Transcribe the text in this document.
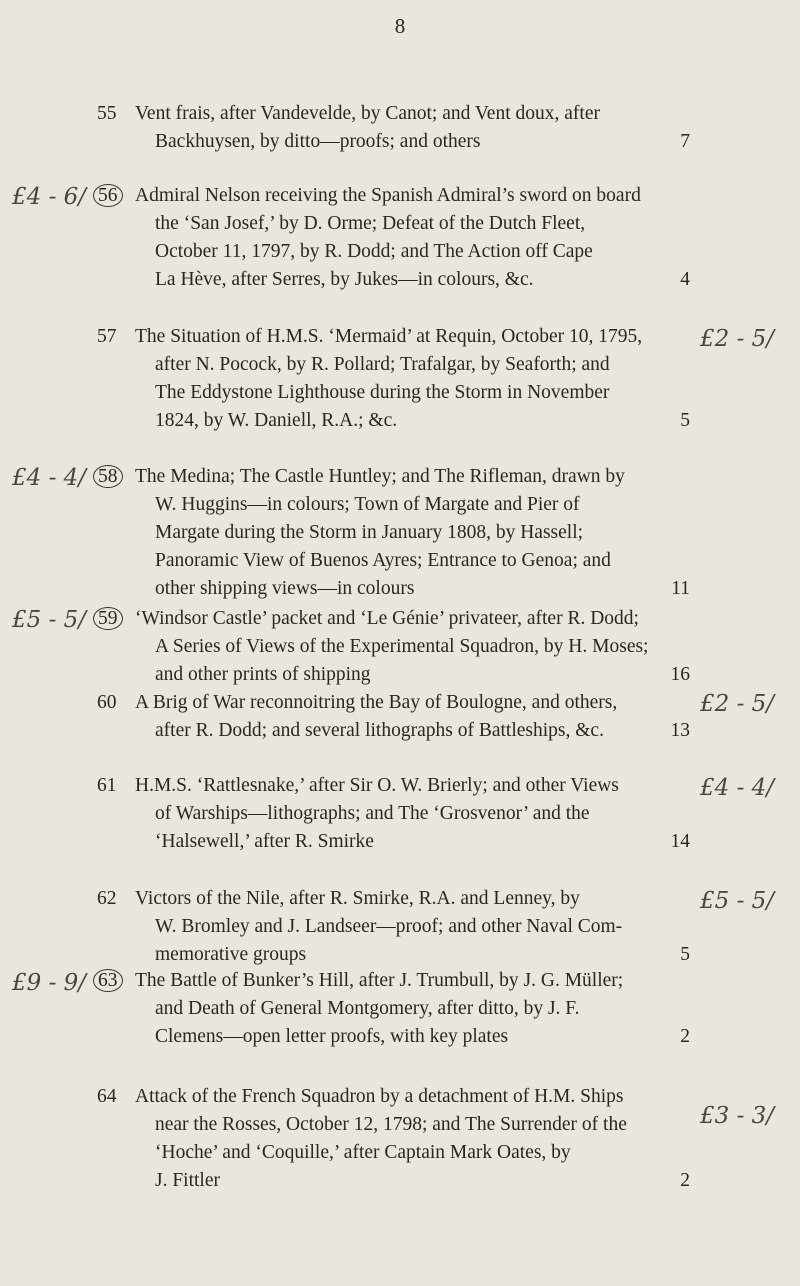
8
55 Vent frais, after Vandevelde, by Canot; and Vent doux, after
Backhuysen, by ditto—proofs; and others	7
56 Admiral Nelson receiving the Spanish Admiral’s sword on board
the ‘San Josef,’ by D. Orme; Defeat of the Dutch Fleet,
October 11, 1797, by R. Dodd; and The Action off Cape
La Hève, after Serres, by Jukes—in colours, &c.	4
£4 - 6/
57 The Situation of H.M.S. ‘Mermaid’ at Requin, October 10, 1795,
after N. Pocock, by R. Pollard; Trafalgar, by Seaforth; and
The Eddystone Lighthouse during the Storm in November
1824, by W. Daniell, R.A.; &c.	5
£2 - 5/
58 The Medina; The Castle Huntley; and The Rifleman, drawn by
W. Huggins—in colours; Town of Margate and Pier of
Margate during the Storm in January 1808, by Hassell;
Panoramic View of Buenos Ayres; Entrance to Genoa; and
other shipping views—in colours	11
£4 - 4/
59 ‘Windsor Castle’ packet and ‘Le Génie’ privateer, after R. Dodd;
A Series of Views of the Experimental Squadron, by H. Moses;
and other prints of shipping	16
£5 - 5/
60 A Brig of War reconnoitring the Bay of Boulogne, and others,
after R. Dodd; and several lithographs of Battleships, &c.	13
£2 - 5/
61 H.M.S. ‘Rattlesnake,’ after Sir O. W. Brierly; and other Views
of Warships—lithographs; and The ‘Grosvenor’ and the
‘Halsewell,’ after R. Smirke	14
£4 - 4/
62 Victors of the Nile, after R. Smirke, R.A. and Lenney, by
W. Bromley and J. Landseer—proof; and other Naval Com-
memorative groups	5
£5 - 5/
63 The Battle of Bunker’s Hill, after J. Trumbull, by J. G. Müller;
and Death of General Montgomery, after ditto, by J. F.
Clemens—open letter proofs, with key plates	2
£9 - 9/
64 Attack of the French Squadron by a detachment of H.M. Ships
near the Rosses, October 12, 1798; and The Surrender of the
‘Hoche’ and ‘Coquille,’ after Captain Mark Oates, by
J. Fittler	2
£3 - 3/
